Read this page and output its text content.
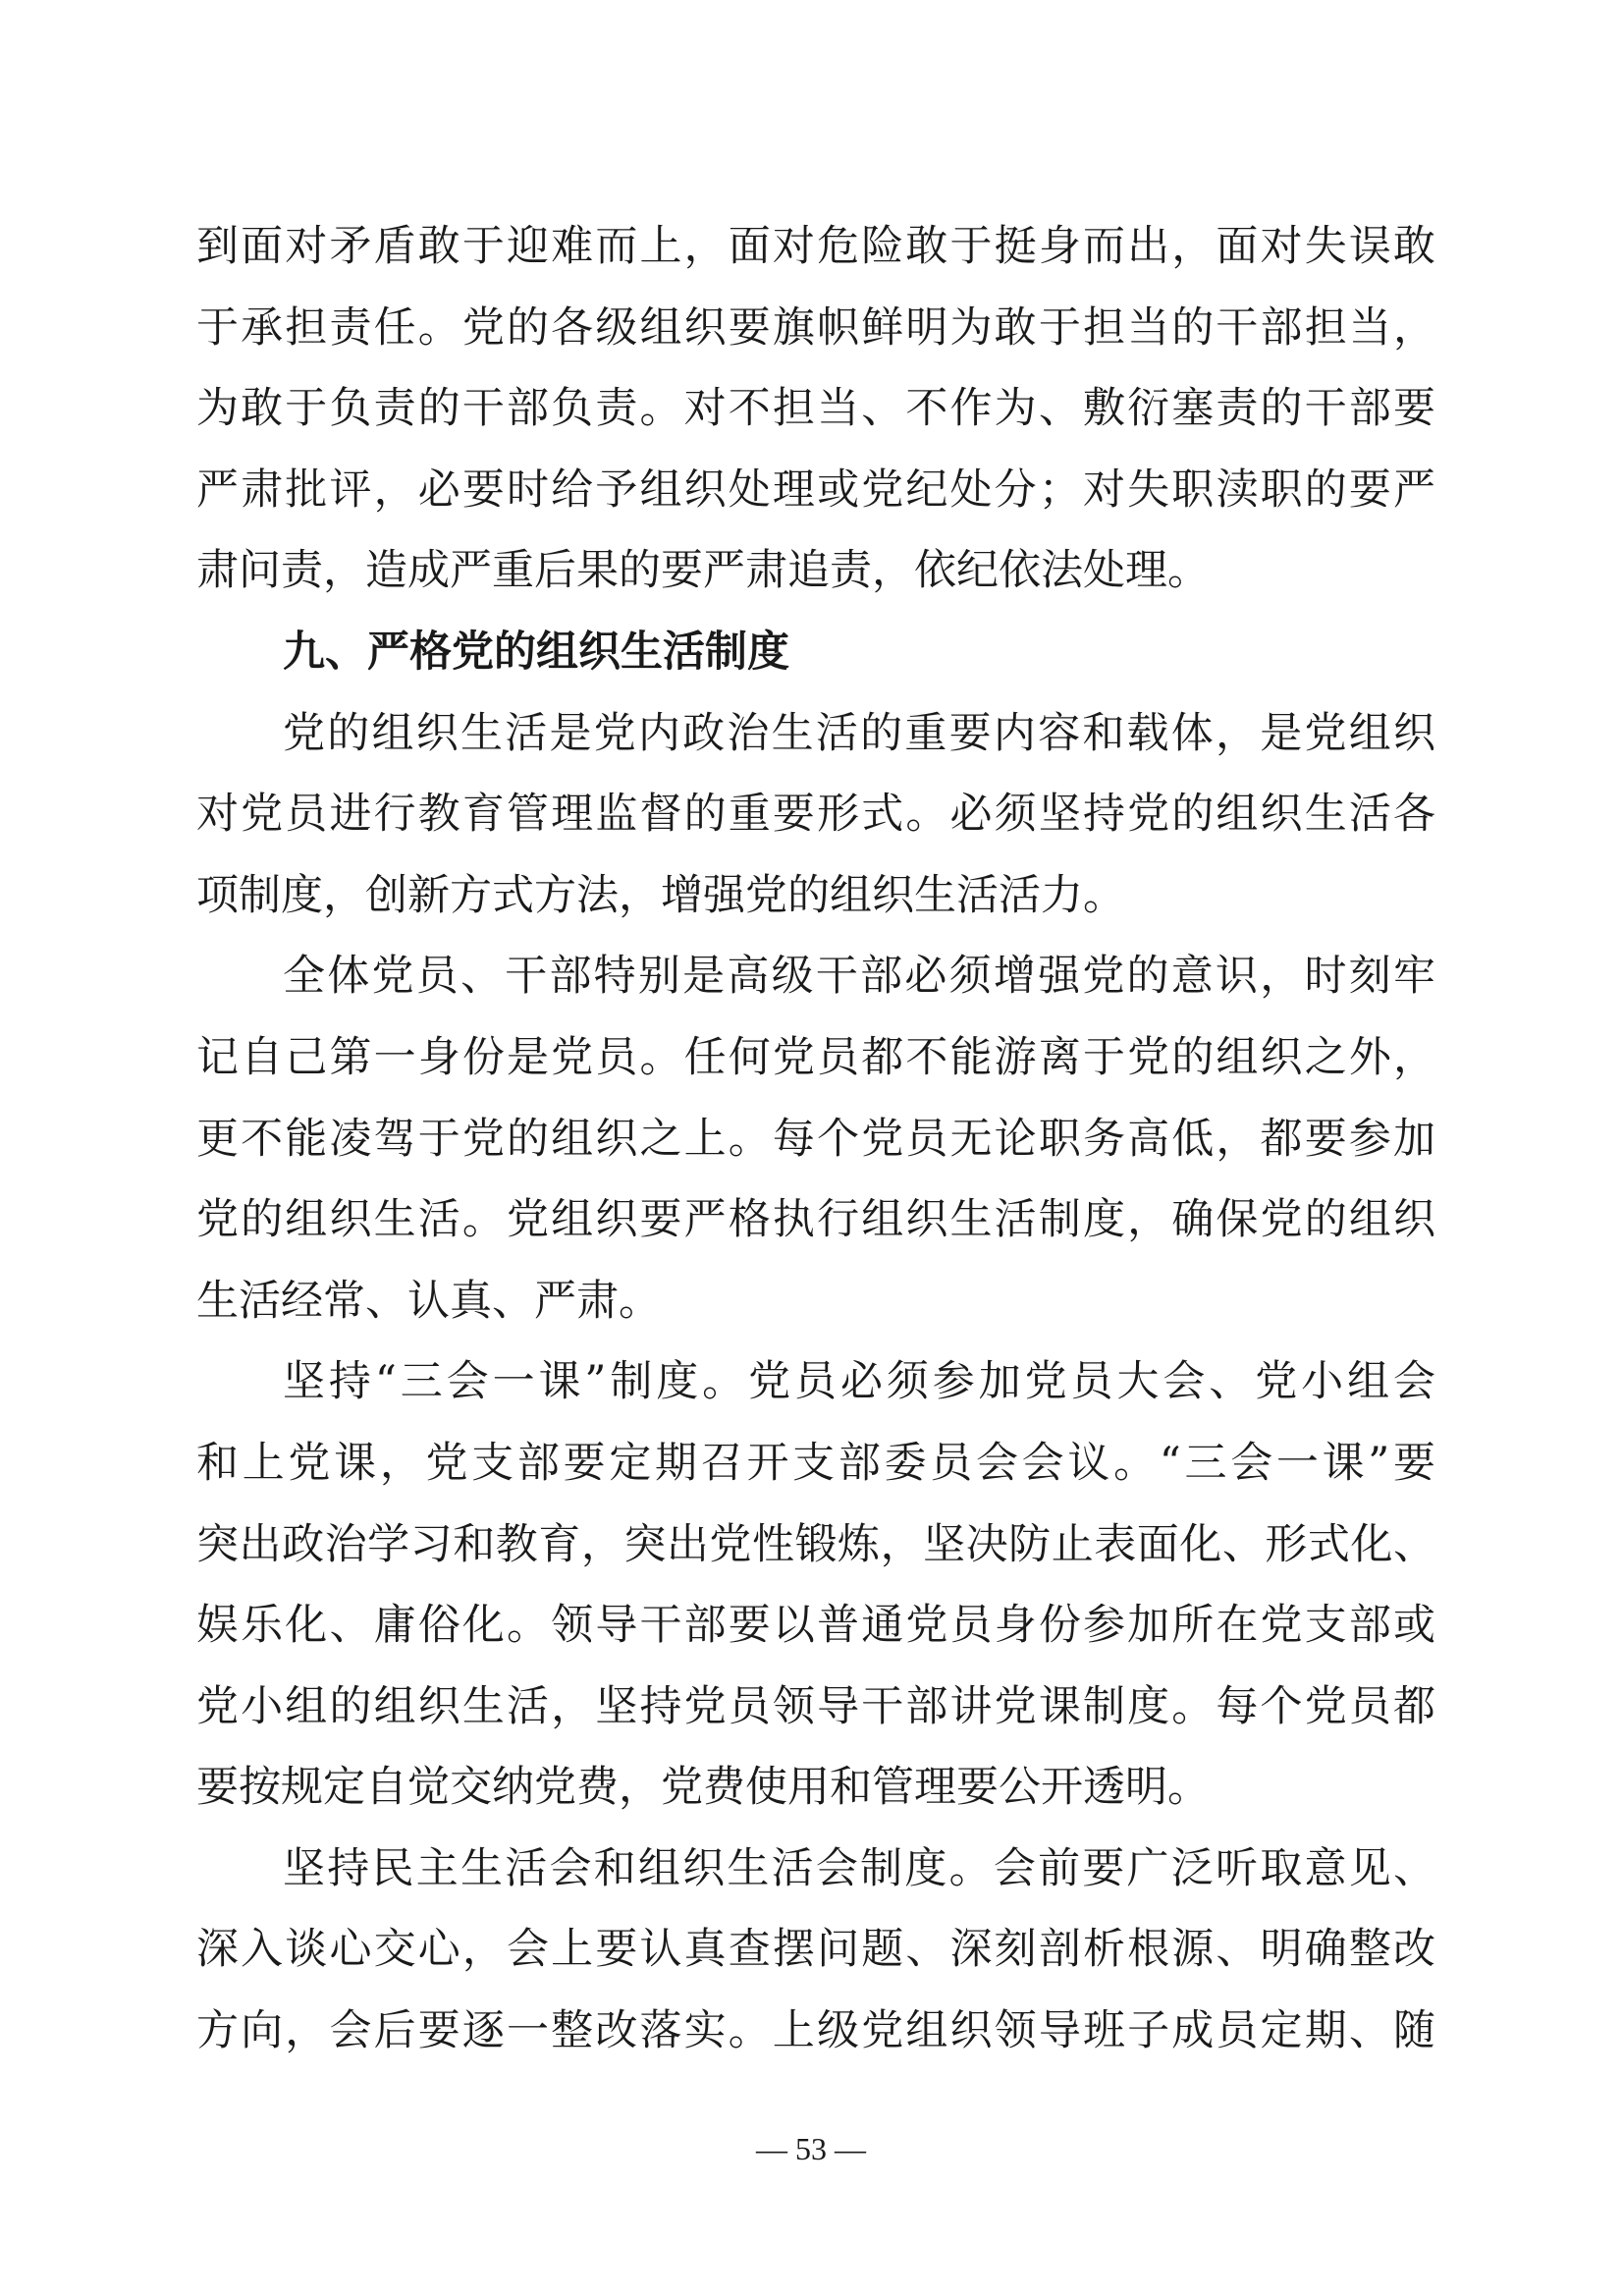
到面对矛盾敢于迎难而上，面对危险敢于挺身而出，面对失误敢
于承担责任。党的各级组织要旗帜鲜明为敢于担当的干部担当，
为敢于负责的干部负责。对不担当、不作为、敷衍塞责的干部要
严肃批评，必要时给予组织处理或党纪处分；对失职渎职的要严
肃问责，造成严重后果的要严肃追责，依纪依法处理。
九、严格党的组织生活制度
党的组织生活是党内政治生活的重要内容和载体，是党组织
对党员进行教育管理监督的重要形式。必须坚持党的组织生活各
项制度，创新方式方法，增强党的组织生活活力。
全体党员、干部特别是高级干部必须增强党的意识，时刻牢
记自己第一身份是党员。任何党员都不能游离于党的组织之外，
更不能凌驾于党的组织之上。每个党员无论职务高低，都要参加
党的组织生活。党组织要严格执行组织生活制度，确保党的组织
生活经常、认真、严肃。
坚持“三会一课”制度。党员必须参加党员大会、党小组会
和上党课，党支部要定期召开支部委员会会议。“三会一课”要
突出政治学习和教育，突出党性锻炼，坚决防止表面化、形式化、
娱乐化、庸俗化。领导干部要以普通党员身份参加所在党支部或
党小组的组织生活，坚持党员领导干部讲党课制度。每个党员都
要按规定自觉交纳党费，党费使用和管理要公开透明。
坚持民主生活会和组织生活会制度。会前要广泛听取意见、
深入谈心交心，会上要认真查摆问题、深刻剖析根源、明确整改
方向，会后要逐一整改落实。上级党组织领导班子成员定期、随
— 53 —
